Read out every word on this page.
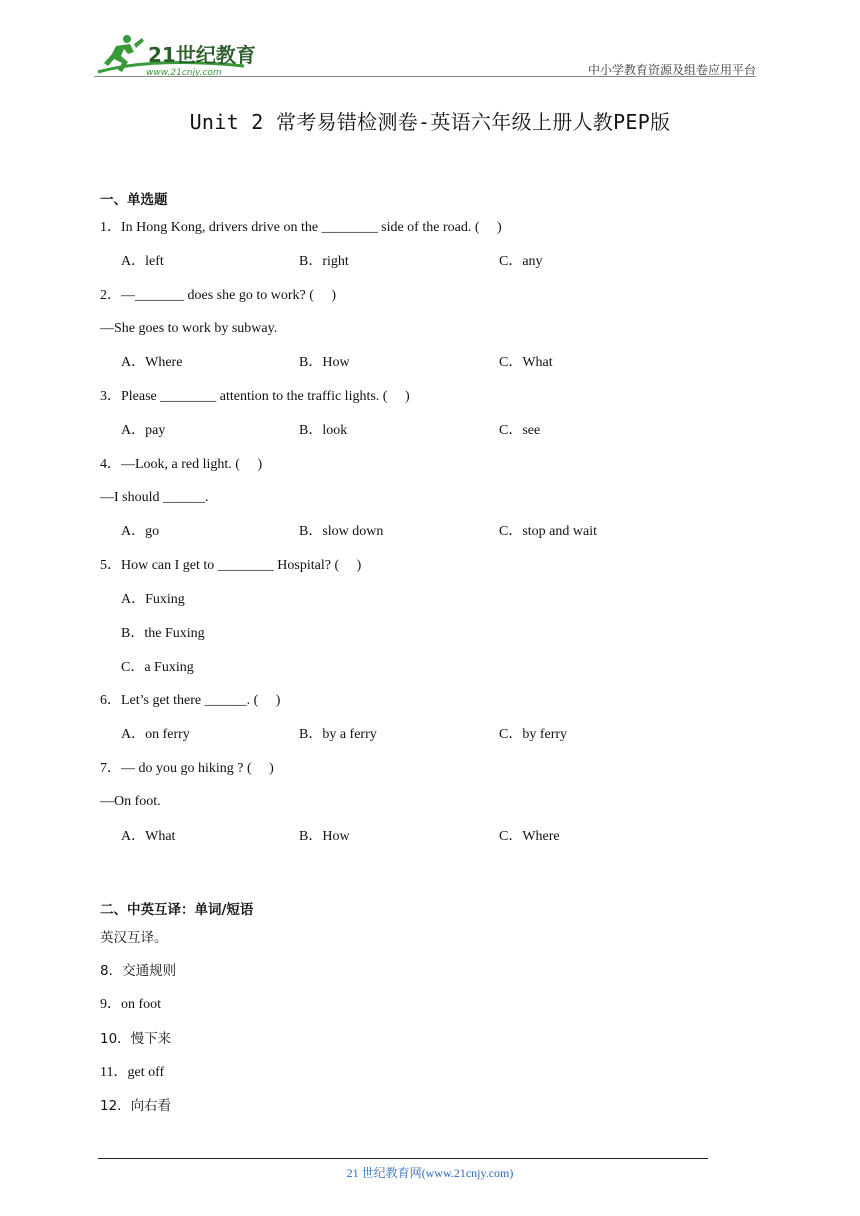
21世纪教育
www.21cnjy.com	中小学教育资源及组卷应用平台
Unit 2 常考易错检测卷-英语六年级上册人教PEP版
一、单选题
1．In Hong Kong, drivers drive on the ________ side of the road. (　 )
A．left	B．right	C．any
2．—_______ does she go to work? (　 )
—She goes to work by subway.
A．Where	B．How	C．What
3．Please ________ attention to the traffic lights. (　 )
A．pay	B．look	C．see
4．—Look, a red light. (　 )
—I should ______.
A．go	B．slow down	C．stop and wait
5．How can I get to ________ Hospital? (　 )
A．Fuxing
B．the Fuxing
C．a Fuxing
6．Let’s get there ______. (　 )
A．on ferry	B．by a ferry	C．by ferry
7．— do you go hiking ? (　 )
—On foot.
A．What	B．How	C．Where
二、中英互译：单词/短语
英汉互译。
8．交通规则
9．on foot
10．慢下来
11．get off
12．向右看
21 世纪教育网(www.21cnjy.com)
